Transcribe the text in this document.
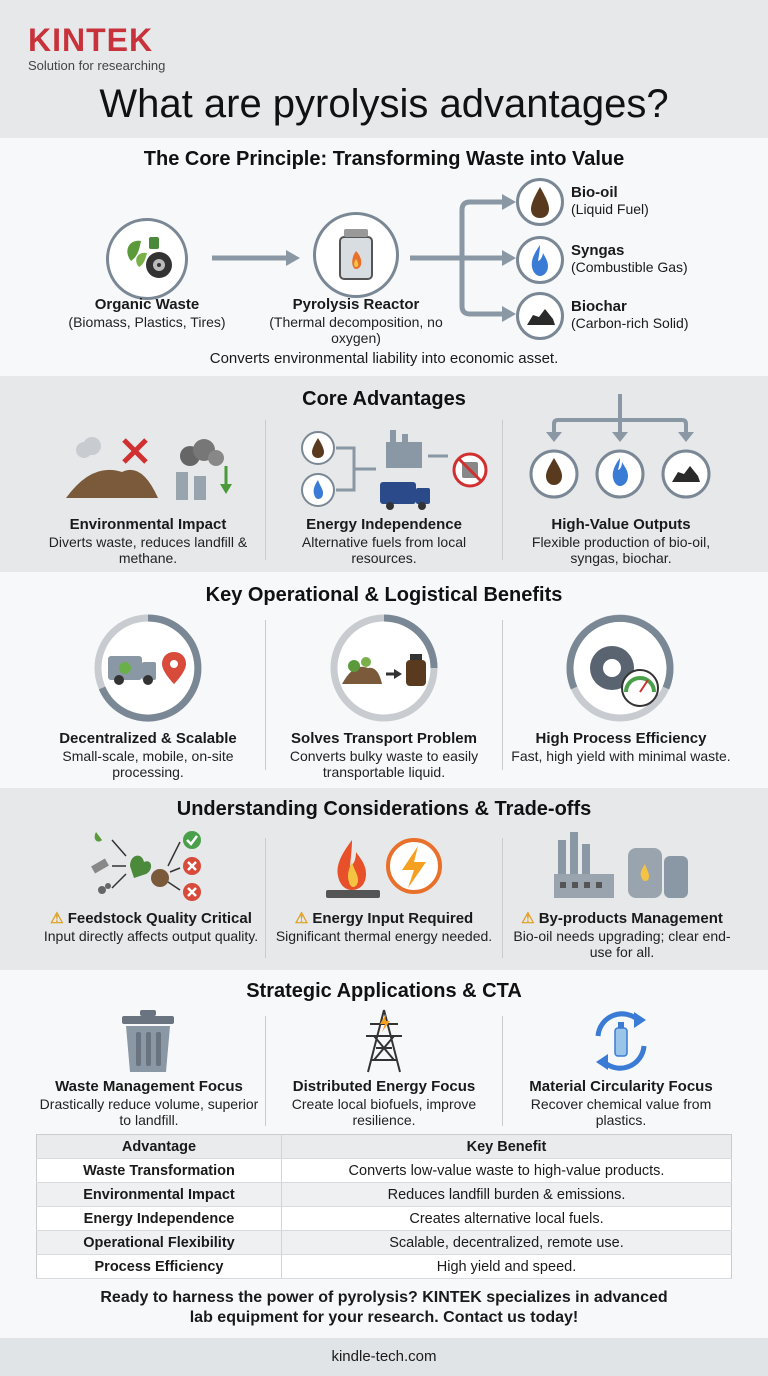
KINTEK
Solution for researching
What are pyrolysis advantages?
The Core Principle: Transforming Waste into Value
Organic Waste
(Biomass, Plastics, Tires)
Pyrolysis Reactor
(Thermal decomposition, no oxygen)
Bio-oil
(Liquid Fuel)
Syngas
(Combustible Gas)
Biochar
(Carbon-rich Solid)
Converts environmental liability into economic asset.
Core Advantages
Environmental Impact
Diverts waste, reduces landfill & methane.
Energy Independence
Alternative fuels from local resources.
High-Value Outputs
Flexible production of bio-oil, syngas, biochar.
Key Operational & Logistical Benefits
Decentralized & Scalable
Small-scale, mobile, on-site processing.
Solves Transport Problem
Converts bulky waste to easily transportable liquid.
High Process Efficiency
Fast, high yield with minimal waste.
Understanding Considerations & Trade-offs
⚠ Feedstock Quality Critical
Input directly affects output quality.
⚠ Energy Input Required
Significant thermal energy needed.
⚠ By-products Management
Bio-oil needs upgrading; clear end-use for all.
Strategic Applications & CTA
Waste Management Focus
Drastically reduce volume, superior to landfill.
Distributed Energy Focus
Create local biofuels, improve resilience.
Material Circularity Focus
Recover chemical value from plastics.
Advantage	Key Benefit
Waste Transformation	Converts low-value waste to high-value products.
Environmental Impact	Reduces landfill burden & emissions.
Energy Independence	Creates alternative local fuels.
Operational Flexibility	Scalable, decentralized, remote use.
Process Efficiency	High yield and speed.
Ready to harness the power of pyrolysis? KINTEK specializes in advanced lab equipment for your research. Contact us today!
kindle-tech.com
